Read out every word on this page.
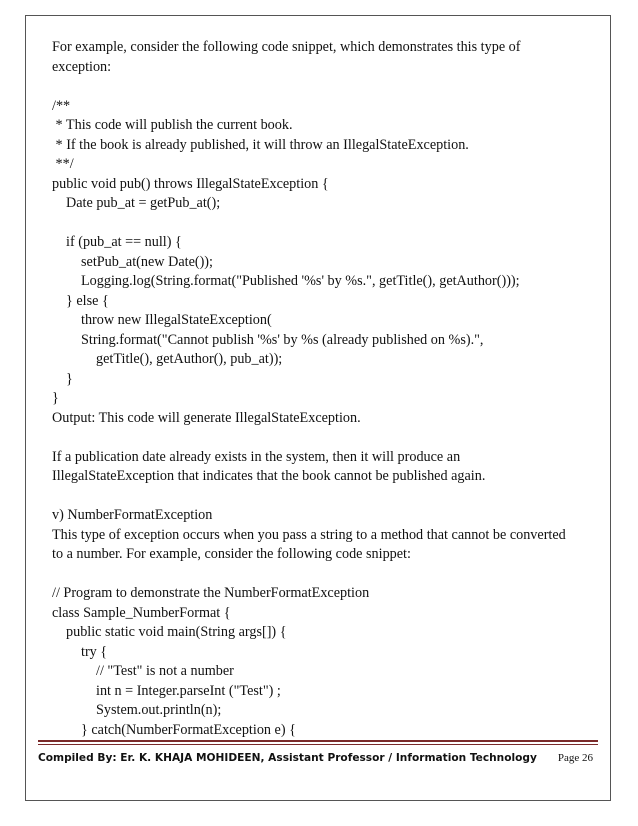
For example, consider the following code snippet, which demonstrates this type of
exception:
/**
* This code will publish the current book.
* If the book is already published, it will throw an IllegalStateException.
**/
public void pub() throws IllegalStateException {
Date pub_at = getPub_at();
if (pub_at == null) {
setPub_at(new Date());
Logging.log(String.format("Published '%s' by %s.", getTitle(), getAuthor()));
} else {
throw new IllegalStateException(
String.format("Cannot publish '%s' by %s (already published on %s).",
getTitle(), getAuthor(), pub_at));
}
}
Output: This code will generate IllegalStateException.
If a publication date already exists in the system, then it will produce an
IllegalStateException that indicates that the book cannot be published again.
v) NumberFormatException
This type of exception occurs when you pass a string to a method that cannot be converted
to a number. For example, consider the following code snippet:
// Program to demonstrate the NumberFormatException
class Sample_NumberFormat {
public static void main(String args[]) {
try {
// "Test" is not a number
int n = Integer.parseInt ("Test") ;
System.out.println(n);
} catch(NumberFormatException e) {
Compiled By: Er. K. KHAJA MOHIDEEN, Assistant Professor / Information Technology Page 26
